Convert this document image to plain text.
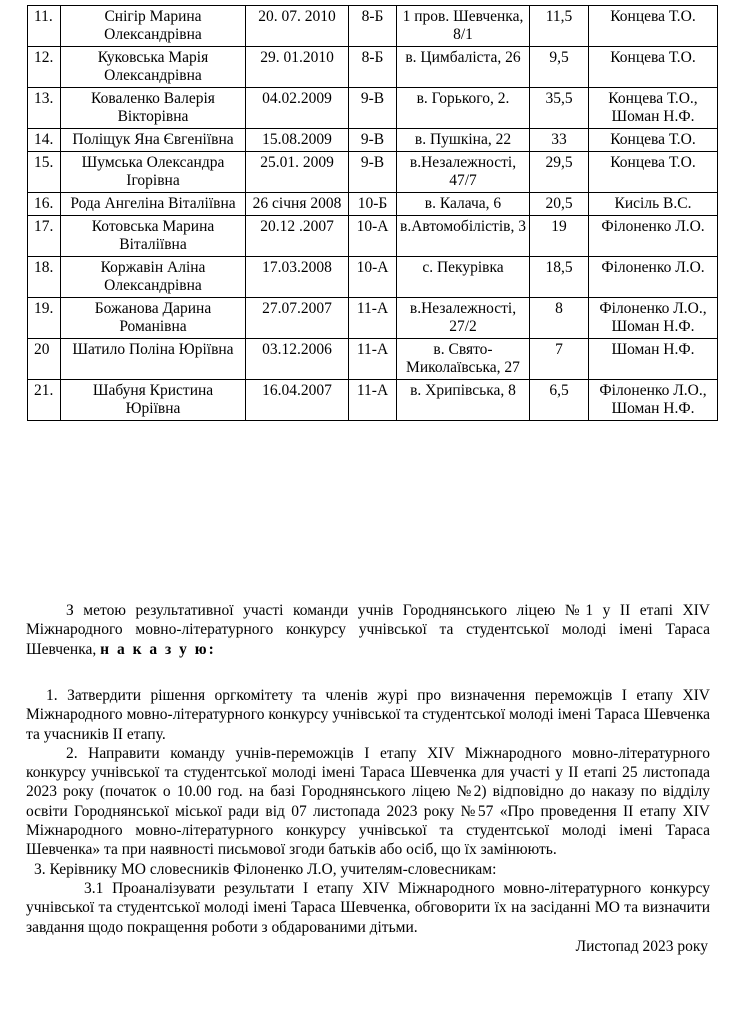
11.	Снігір Марина Олександрівна	20. 07. 2010	8-Б	1 пров. Шевченка, 8/1	11,5	Концева Т.О.
12.	Куковська Марія Олександрівна	29. 01.2010	8-Б	в. Цимбаліста, 26	9,5	Концева Т.О.
13.	Коваленко Валерія Вікторівна	04.02.2009	9-В	в. Горького, 2.	35,5	Концева Т.О., Шоман Н.Ф.
14.	Поліщук Яна Євгеніївна	15.08.2009	9-В	в. Пушкіна, 22	33	Концева Т.О.
15.	Шумська Олександра Ігорівна	25.01. 2009	9-В	в.Незалежності, 47/7	29,5	Концева Т.О.
16.	Рода Ангеліна Віталіївна	26 січня 2008	10-Б	в. Калача, 6	20,5	Кисіль В.С.
17.	Котовська Марина Віталіївна	20.12 .2007	10-А	в.Автомобілістів, 3	19	Філоненко Л.О.
18.	Коржавін Аліна Олександрівна	17.03.2008	10-А	с. Пекурівка	18,5	Філоненко Л.О.
19.	Божанова Дарина Романівна	27.07.2007	11-А	в.Незалежності, 27/2	8	Філоненко Л.О., Шоман Н.Ф.
20	Шатило Поліна Юріївна	03.12.2006	11-А	в. Свято-Миколаївська, 27	7	Шоман Н.Ф.
21.	Шабуня Кристина Юріївна	16.04.2007	11-А	в. Хрипівська, 8	6,5	Філоненко Л.О., Шоман Н.Ф.

З метою результативної участі команди учнів Городнянського ліцею №1 у ІІ етапі XIV Міжнародного мовно-літературного конкурсу учнівської та студентської молоді імені Тараса Шевченка, н а к а з у ю:

1. Затвердити рішення оргкомітету та членів журі про визначення переможців І етапу XIV Міжнародного мовно-літературного конкурсу учнівської та студентської молоді імені Тараса Шевченка та учасників ІІ етапу.

2. Направити команду учнів-переможців І етапу XIV Міжнародного мовно-літературного конкурсу учнівської та студентської молоді імені Тараса Шевченка для участі у ІІ етапі 25 листопада 2023 року (початок о 10.00 год. на базі Городнянського ліцею №2) відповідно до наказу по відділу освіти Городнянської міської ради від 07 листопада 2023 року №57 «Про проведення ІІ етапу XIV Міжнародного мовно-літературного конкурсу учнівської та студентської молоді імені Тараса Шевченка» та при наявності письмової згоди батьків або осіб, що їх замінюють.

3. Керівнику МО словесників Філоненко Л.О, учителям-словесникам:

3.1 Проаналізувати результати І етапу XIV Міжнародного мовно-літературного конкурсу учнівської та студентської молоді імені Тараса Шевченка, обговорити їх на засіданні МО та визначити завдання щодо покращення роботи з обдарованими дітьми.

Листопад 2023 року
